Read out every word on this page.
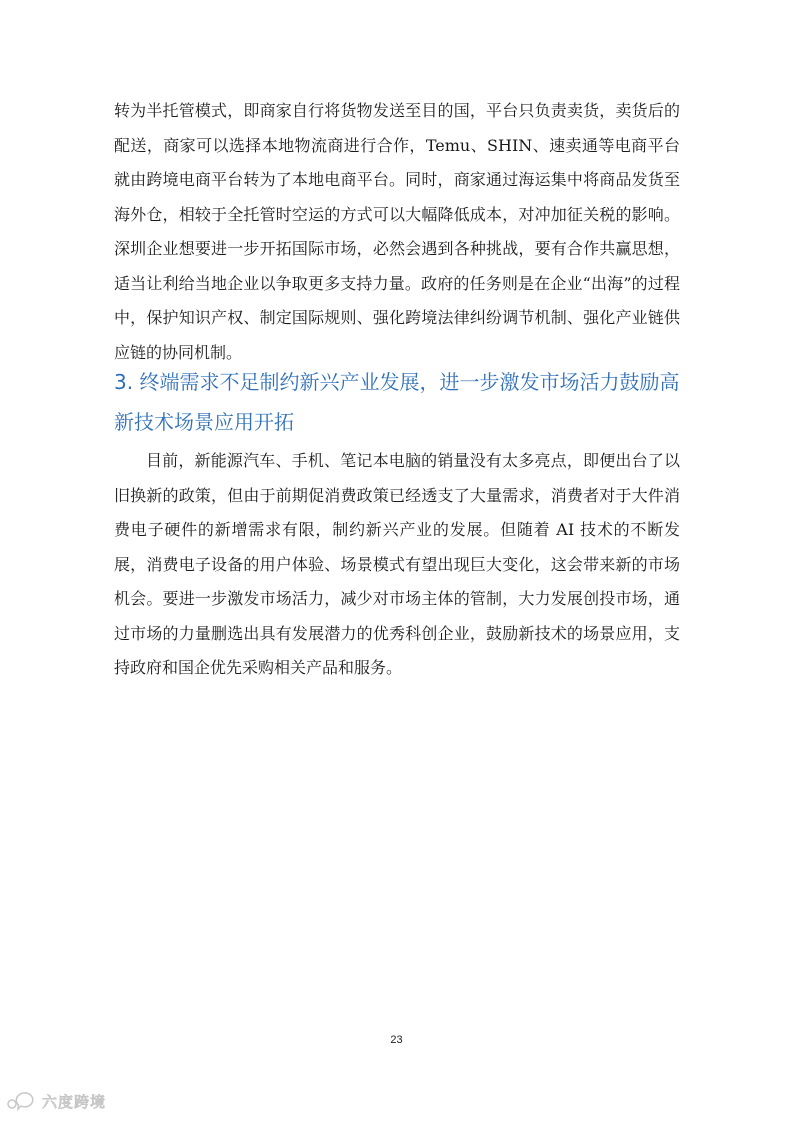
转为半托管模式，即商家自行将货物发送至目的国，平台只负责卖货，卖货后的配送，商家可以选择本地物流商进行合作，Temu、SHIN、速卖通等电商平台就由跨境电商平台转为了本地电商平台。同时，商家通过海运集中将商品发货至海外仓，相较于全托管时空运的方式可以大幅降低成本，对冲加征关税的影响。深圳企业想要进一步开拓国际市场，必然会遇到各种挑战，要有合作共赢思想，适当让利给当地企业以争取更多支持力量。政府的任务则是在企业“出海”的过程中，保护知识产权、制定国际规则、强化跨境法律纠纷调节机制、强化产业链供应链的协同机制。

3. 终端需求不足制约新兴产业发展，进一步激发市场活力鼓励高新技术场景应用开拓

目前，新能源汽车、手机、笔记本电脑的销量没有太多亮点，即便出台了以旧换新的政策，但由于前期促消费政策已经透支了大量需求，消费者对于大件消费电子硬件的新增需求有限，制约新兴产业的发展。但随着 AI 技术的不断发展，消费电子设备的用户体验、场景模式有望出现巨大变化，这会带来新的市场机会。要进一步激发市场活力，减少对市场主体的管制，大力发展创投市场，通过市场的力量删选出具有发展潜力的优秀科创企业，鼓励新技术的场景应用，支持政府和国企优先采购相关产品和服务。

23
六度跨境
